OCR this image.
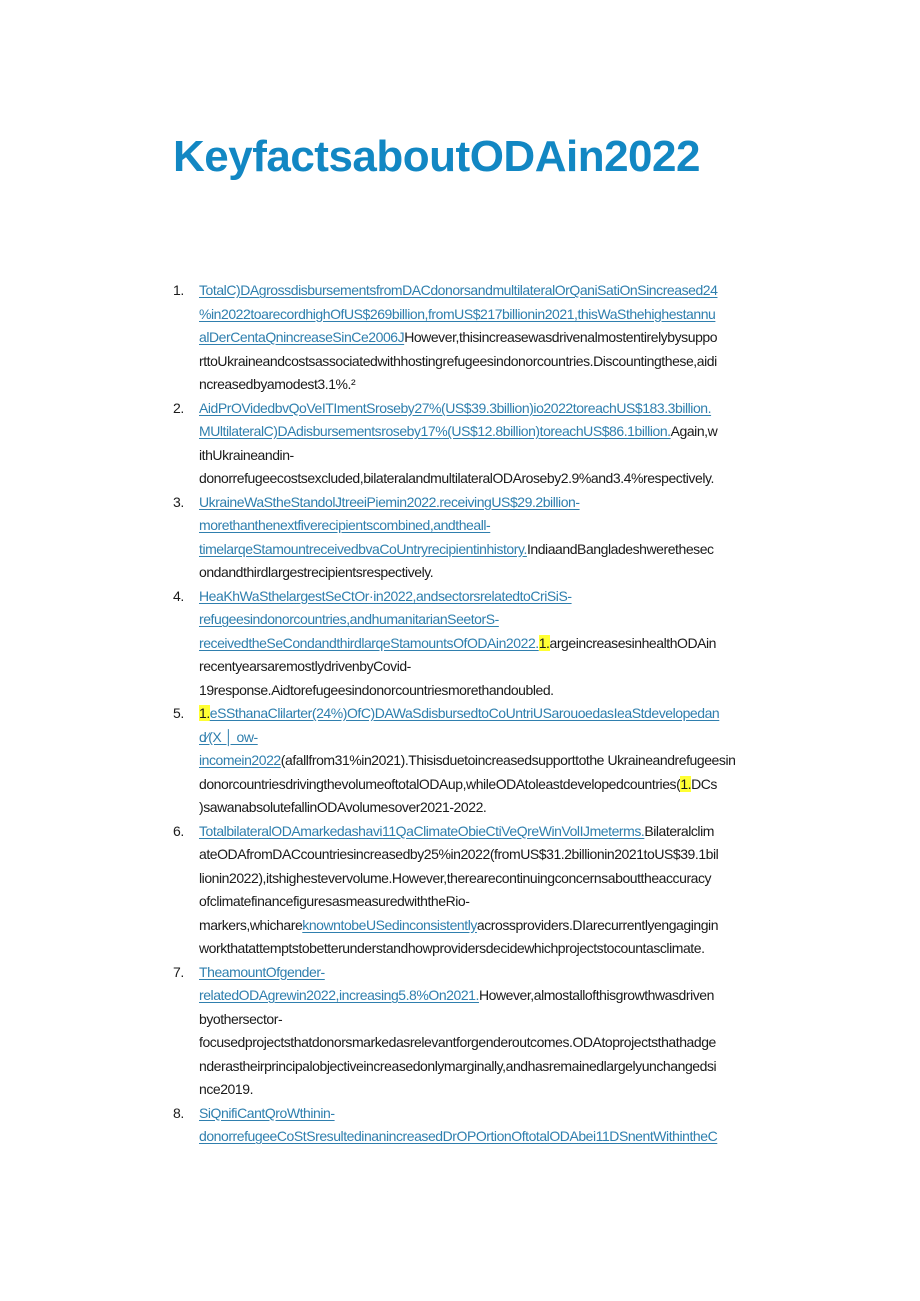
KeyfactsaboutODAin2022
1.	TotalC)DAgrossdisbursementsfromDACdonorsandmultilateralOrQaniSatiOnSincreased24
%in2022toarecordhighOfUS$269billion,fromUS$217billionin2021,thisWaSthehighestannu
alDerCentaQnincreaseSinCe2006JHowever,thisincreasewasdrivenalmostentirelybysuppo
rttoUkraineandcostsassociatedwithhostingrefugeesindonorcountries.Discountingthese,aidi
ncreasedbyamodest3.1%.²
2.	AidPrOVidedbvQoVeITImentSroseby27%(US$39.3billion)io2022toreachUS$183.3billion.
MUltilateralC)DAdisbursementsroseby17%(US$12.8billion)toreachUS$86.1billion.Again,w
ithUkraineandin-
donorrefugeecostsexcluded,bilateralandmultilateralODAroseby2.9%and3.4%respectively.
3.	UkraineWaStheStandolJtreeiPiemin2022.receivingUS$29.2billion-
morethanthenextfiverecipientscombined,andtheall-
timelarqeStamountreceivedbvaCoUntryrecipientinhistory.IndiaandBangladeshwerethesec
ondandthirdlargestrecipientsrespectively.
4.	HeaKhWaSthelargestSeCtOr·in2022,andsectorsrelatedtoCriSiS-
refugeesindonorcountries,andhumanitarianSeetorS-
receivedtheSeCondandthirdlarqeStamountsOfODAin2022.1.argeincreasesinhealthODAin
recentyearsaremostlydrivenbyCovid-
19response.Aidtorefugeesindonorcountriesmorethandoubled.
5.	1.eSSthanaClilarter(24%)OfC)DAWaSdisbursedtoCoUntriUSarouoedasIeaStdevelopedan
d⁄(X │ ow-
incomein2022(afallfrom31%in2021).Thisisduetoincreasedsupporttothe Ukraineandrefugeesin
donorcountriesdrivingthevolumeoftotalODAup,whileODAtoleastdevelopedcountries(1.DCs
)sawanabsolutefallinODAvolumesover2021-2022.
6.	TotalbilateralODAmarkedashavi11QaClimateObieCtiVeQreWinVolIJmeterms.Bilateralclim
ateODAfromDACcountriesincreasedby25%in2022(fromUS$31.2billionin2021toUS$39.1bil
lionin2022),itshighestevervolume.However,therearecontinuingconcernsabouttheaccuracy
ofclimatefinancefiguresasmeasuredwiththeRio-
markers,whichareknowntobeUSedinconsistentlyacrossproviders.DIarecurrentlyengagingin
workthatattemptstobetterunderstandhowprovidersdecidewhichprojectstocountasclimate.
7.	TheamountOfgender-
relatedODAgrewin2022,increasing5.8%On2021.However,almostallofthisgrowthwasdriven
byothersector-
focusedprojectsthatdonorsmarkedasrelevantforgenderoutcomes.ODAtoprojectsthathadge
nderastheirprincipalobjectiveincreasedonlymarginally,andhasremainedlargelyunchangedsi
nce2019.
8.	SiQnifiCantQroWthinin-
donorrefugeeCoStSresultedinanincreasedDrOPOrtionOftotalODAbei11DSnentWithintheC
